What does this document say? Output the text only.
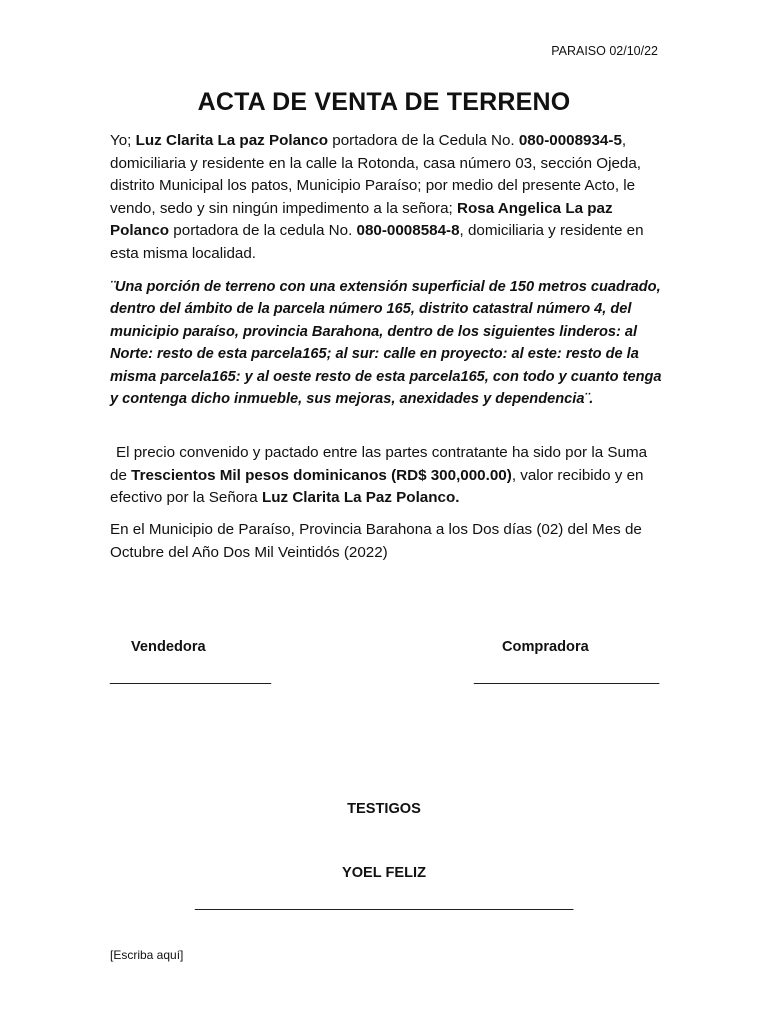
PARAISO 02/10/22
ACTA DE VENTA DE TERRENO
Yo; Luz Clarita La paz Polanco portadora de la Cedula No. 080-0008934-5, domiciliaria y residente en la calle la Rotonda, casa número 03, sección Ojeda, distrito Municipal los patos, Municipio Paraíso; por medio del presente Acto, le vendo, sedo y sin ningún impedimento a la señora; Rosa Angelica La paz Polanco portadora de la cedula No. 080-0008584-8, domiciliaria y residente en esta misma localidad.
¨Una porción de terreno con una extensión superficial de 150 metros cuadrado, dentro del ámbito de la parcela número 165, distrito catastral número 4, del municipio paraíso, provincia Barahona, dentro de los siguientes linderos: al Norte: resto de esta parcela165; al sur: calle en proyecto: al este: resto de la misma parcela165: y al oeste resto de esta parcela165, con todo y cuanto tenga y contenga dicho inmueble, sus mejoras, anexidades y dependencia¨.
El precio convenido y pactado entre las partes contratante ha sido por la Suma de Trescientos Mil pesos dominicanos (RD$ 300,000.00), valor recibido y en efectivo por la Señora Luz Clarita La Paz Polanco.
En el Municipio de Paraíso, Provincia Barahona a los Dos días (02) del Mes de Octubre del Año Dos Mil Veintidós (2022)
Vendedora	Compradora
____________________	_______________________
TESTIGOS
YOEL FELIZ
_______________________________________________
[Escriba aquí]
